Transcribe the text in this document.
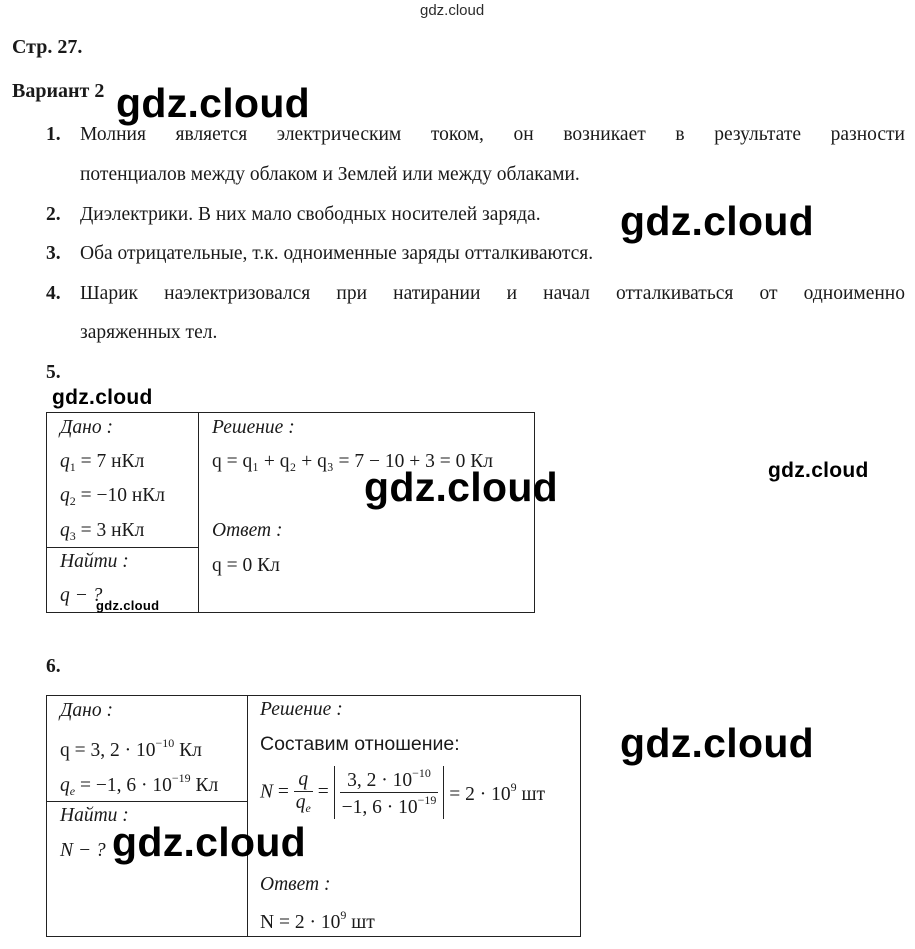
gdz.cloud
Стр. 27.
Вариант 2
1. Молния является электрическим током, он возникает в результате разности
потенциалов между облаком и Землей или между облаками.
2. Диэлектрики. В них мало свободных носителей заряда.
3. Оба отрицательные, т.к. одноименные заряды отталкиваются.
4. Шарик наэлектризовался при натирании и начал отталкиваться от одноименно
заряженных тел.
5.
Дано :
$q_1 = 7$ нКл
$q_2 = -10$ нКл
$q_3 = 3$ нКл
Найти :
q − ?
Решение :
q = q₁ + q₂ + q₃ = 7 − 10 + 3 = 0 Кл
Ответ :
q = 0 Кл
6.
Дано :
q = 3, $2 \cdot 10^{-10}$ Кл
$q_e = -1$, $6 \cdot 10^{-19}$ Кл
Найти :
N − ?
Решение :
Составим отношение:
$N = \frac{q}{q_e} = \frac{3, 2 \cdot 10^{-10}}{-1, 6 \cdot 10^{-19}} = 2 \cdot 10^9$ шт
Ответ :
$N = 2 \cdot 10^9$ шт
gdz.cloud
gdz.cloud
gdz.cloud
gdz.cloud	gdz.cloud
gdz.cloud
gdz.cloud
gdz.cloud
